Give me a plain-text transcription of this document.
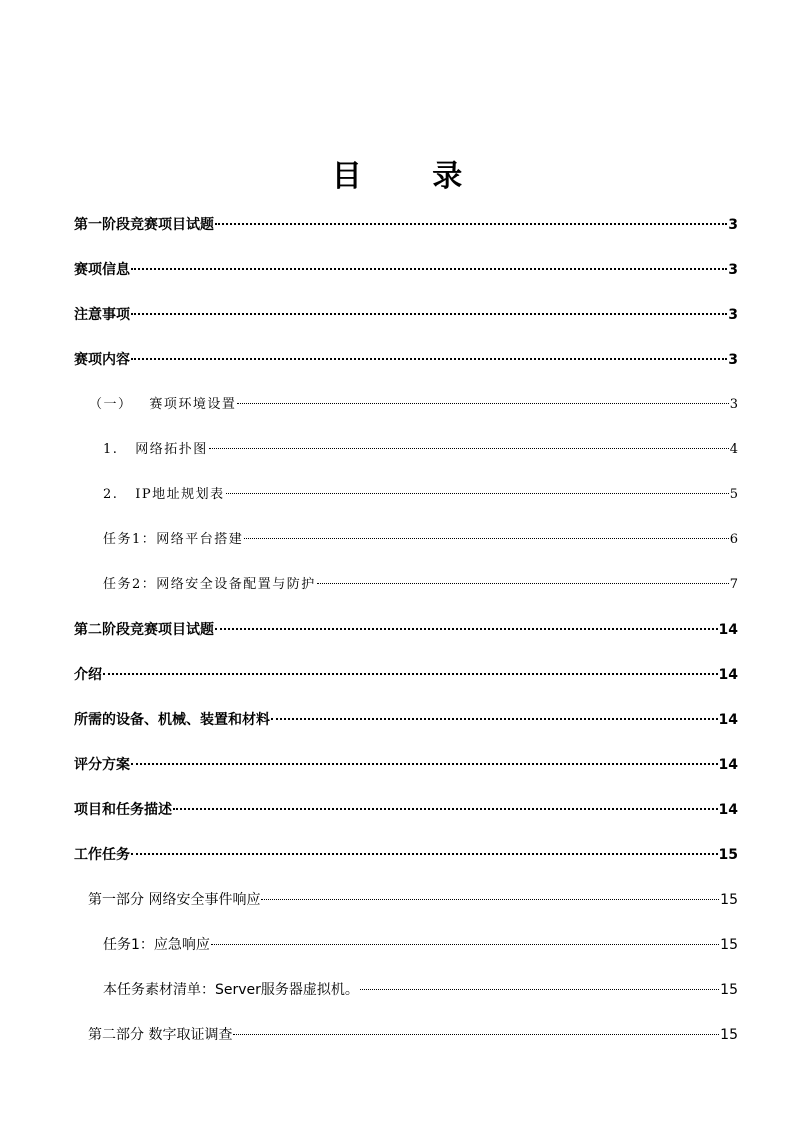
目 录
第一阶段竞赛项目试题	3
赛项信息	3
注意事项	3
赛项内容	3
（一）   赛项环境设置	3
1.   网络拓扑图	4
2.   IP地址规划表	5
任务1：网络平台搭建	6
任务2：网络安全设备配置与防护	7
第二阶段竞赛项目试题	14
介绍	14
所需的设备、机械、装置和材料	14
评分方案	14
项目和任务描述	14
工作任务	15
第一部分 网络安全事件响应	15
任务1：应急响应	15
本任务素材清单：Server服务器虚拟机。	15
第二部分 数字取证调查	15
